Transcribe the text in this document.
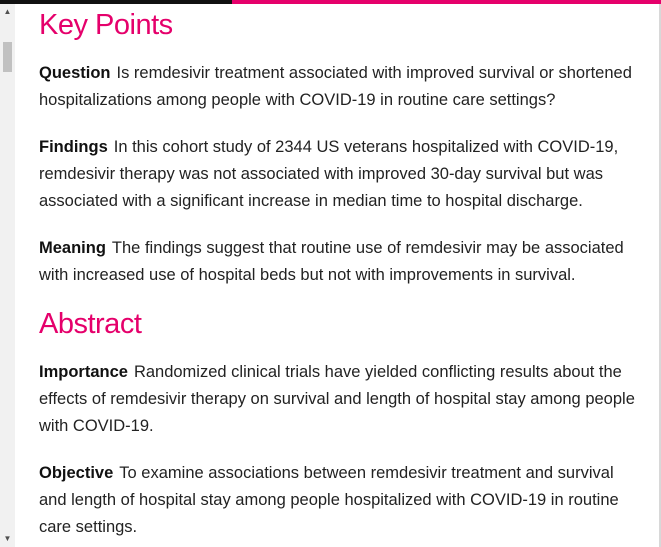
▲
▼
Key Points

Question Is remdesivir treatment associated with improved survival or shortened hospitalizations among people with COVID-19 in routine care settings?

Findings In this cohort study of 2344 US veterans hospitalized with COVID-19, remdesivir therapy was not associated with improved 30-day survival but was associated with a significant increase in median time to hospital discharge.

Meaning The findings suggest that routine use of remdesivir may be associated with increased use of hospital beds but not with improvements in survival.

Abstract

Importance Randomized clinical trials have yielded conflicting results about the effects of remdesivir therapy on survival and length of hospital stay among people with COVID-19.

Objective To examine associations between remdesivir treatment and survival and length of hospital stay among people hospitalized with COVID-19 in routine care settings.
